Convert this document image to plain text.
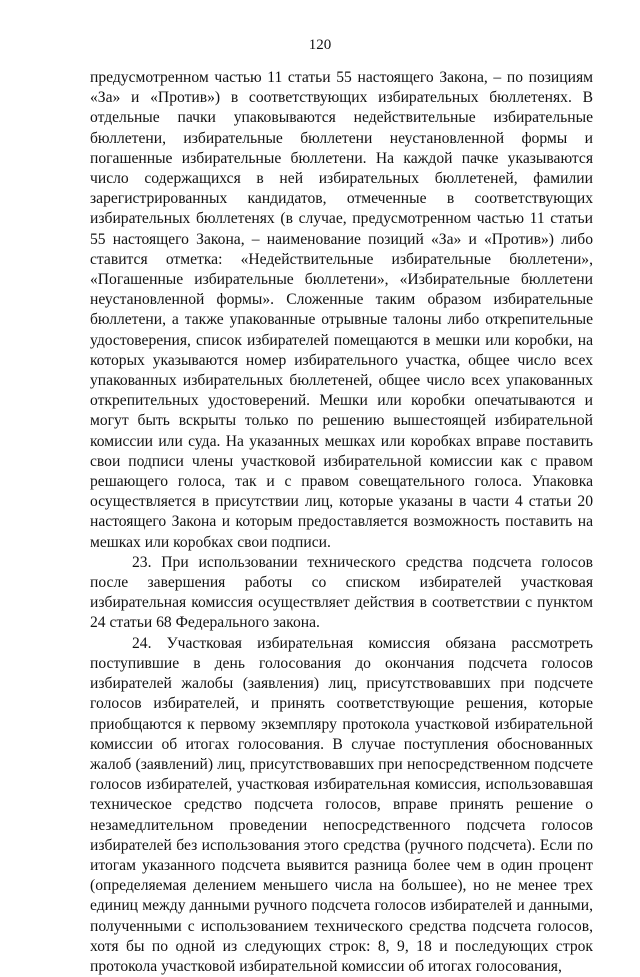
120

предусмотренном частью 11 статьи 55 настоящего Закона, – по позициям «За» и «Против») в соответствующих избирательных бюллетенях. В отдельные пачки упаковываются недействительные избирательные бюллетени, избирательные бюллетени неустановленной формы и погашенные избирательные бюллетени. На каждой пачке указываются число содержащихся в ней избирательных бюллетеней, фамилии зарегистрированных кандидатов, отмеченные в соответствующих избирательных бюллетенях (в случае, предусмотренном частью 11 статьи 55 настоящего Закона, – наименование позиций «За» и «Против») либо ставится отметка: «Недействительные избирательные бюллетени», «Погашенные избирательные бюллетени», «Избирательные бюллетени неустановленной формы». Сложенные таким образом избирательные бюллетени, а также упакованные отрывные талоны либо открепительные удостоверения, список избирателей помещаются в мешки или коробки, на которых указываются номер избирательного участка, общее число всех упакованных избирательных бюллетеней, общее число всех упакованных открепительных удостоверений. Мешки или коробки опечатываются и могут быть вскрыты только по решению вышестоящей избирательной комиссии или суда. На указанных мешках или коробках вправе поставить свои подписи члены участковой избирательной комиссии как с правом решающего голоса, так и с правом совещательного голоса. Упаковка осуществляется в присутствии лиц, которые указаны в части 4 статьи 20 настоящего Закона и которым предоставляется возможность поставить на мешках или коробках свои подписи.

23. При использовании технического средства подсчета голосов после завершения работы со списком избирателей участковая избирательная комиссия осуществляет действия в соответствии с пунктом 24 статьи 68 Федерального закона.

24. Участковая избирательная комиссия обязана рассмотреть поступившие в день голосования до окончания подсчета голосов избирателей жалобы (заявления) лиц, присутствовавших при подсчете голосов избирателей, и принять соответствующие решения, которые приобщаются к первому экземпляру протокола участковой избирательной комиссии об итогах голосования. В случае поступления обоснованных жалоб (заявлений) лиц, присутствовавших при непосредственном подсчете голосов избирателей, участковая избирательная комиссия, использовавшая техническое средство подсчета голосов, вправе принять решение о незамедлительном проведении непосредственного подсчета голосов избирателей без использования этого средства (ручного подсчета). Если по итогам указанного подсчета выявится разница более чем в один процент (определяемая делением меньшего числа на большее), но не менее трех единиц между данными ручного подсчета голосов избирателей и данными, полученными с использованием технического средства подсчета голосов, хотя бы по одной из следующих строк: 8, 9, 18 и последующих строк протокола участковой избирательной комиссии об итогах голосования,
